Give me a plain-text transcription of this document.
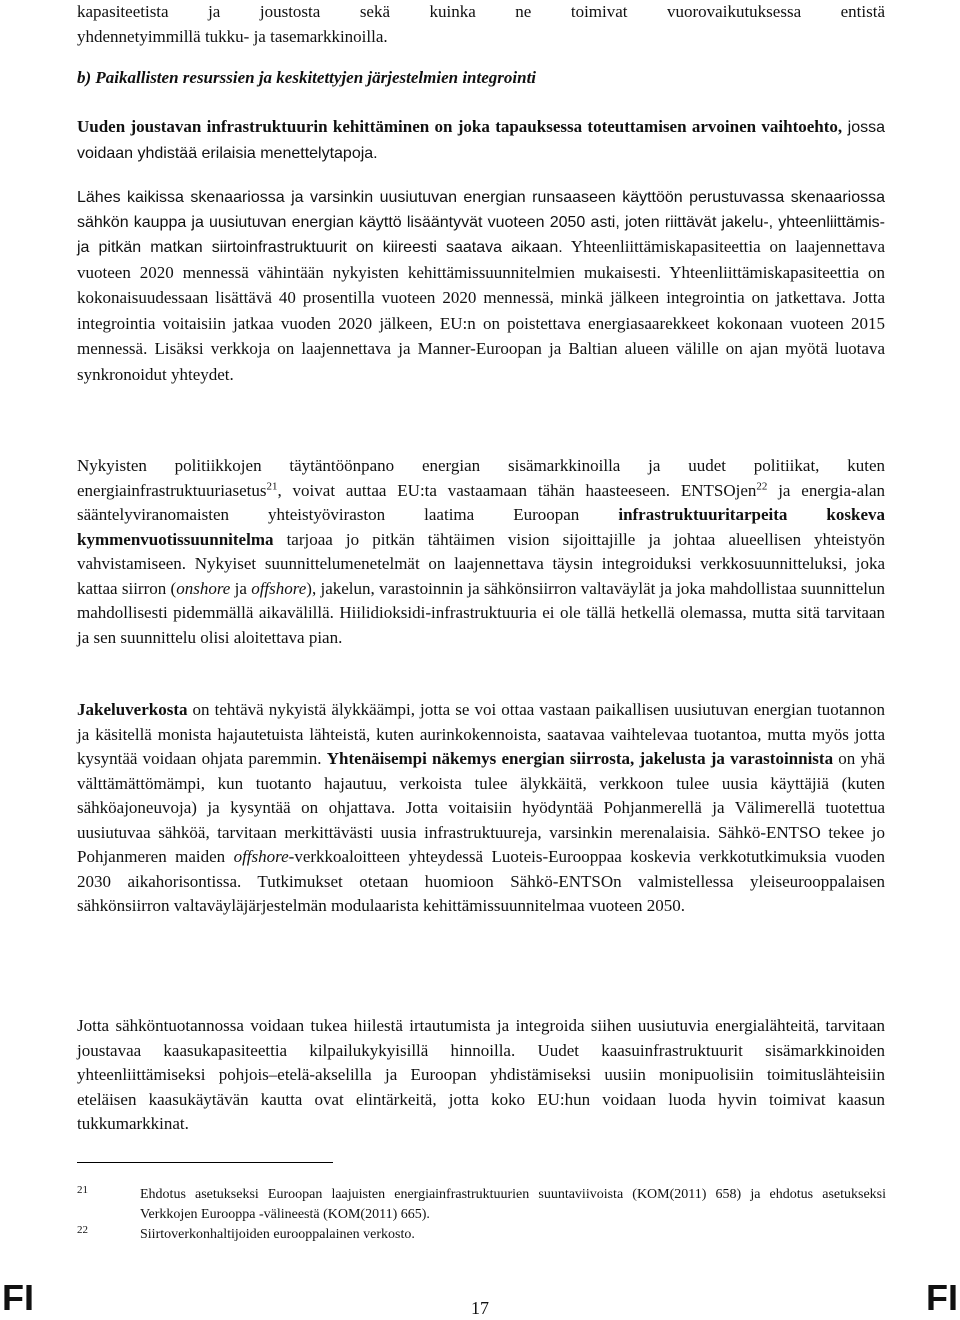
kapasiteetista ja joustosta sekä kuinka ne toimivat vuorovaikutuksessa entistä
yhdennetyimmillä tukku- ja tasemarkkinoilla.

b) Paikallisten resurssien ja keskitettyjen järjestelmien integrointi

Uuden joustavan infrastruktuurin kehittäminen on joka tapauksessa toteuttamisen arvoinen vaihtoehto, jossa voidaan yhdistää erilaisia menettelytapoja.

Lähes kaikissa skenaariossa ja varsinkin uusiutuvan energian runsaaseen käyttöön perustuvassa skenaariossa sähkön kauppa ja uusiutuvan energian käyttö lisääntyvät vuoteen 2050 asti, joten riittävät jakelu-, yhteenliittämis- ja pitkän matkan siirtoinfrastruktuurit on kiireesti saatava aikaan. Yhteenliittämiskapasiteettia on laajennettava vuoteen 2020 mennessä vähintään nykyisten kehittämissuunnitelmien mukaisesti. Yhteenliittämiskapasiteettia on kokonaisuudessaan lisättävä 40 prosentilla vuoteen 2020 mennessä, minkä jälkeen integrointia on jatkettava. Jotta integrointia voitaisiin jatkaa vuoden 2020 jälkeen, EU:n on poistettava energiasaarekkeet kokonaan vuoteen 2015 mennessä. Lisäksi verkkoja on laajennettava ja Manner-Euroopan ja Baltian alueen välille on ajan myötä luotava synkronoidut yhteydet.

Nykyisten politiikkojen täytäntöönpano energian sisämarkkinoilla ja uudet politiikat, kuten energiainfrastruktuuriasetus$^{21}$, voivat auttaa EU:ta vastaamaan tähän haasteeseen. ENTSOjen$^{22}$ ja energia-alan sääntelyviranomaisten yhteistyöviraston laatima Euroopan infrastruktuuritarpeita koskeva kymmenvuotissuunnitelma tarjoaa jo pitkän tähtäimen vision sijoittajille ja johtaa alueellisen yhteistyön vahvistamiseen. Nykyiset suunnittelumenetelmät on laajennettava täysin integroiduksi verkkosuunnitteluksi, joka kattaa siirron (onshore ja offshore), jakelun, varastoinnin ja sähkönsiirron valtaväylät ja joka mahdollistaa suunnittelun mahdollisesti pidemmällä aikavälillä. Hiilidioksidi-infrastruktuuria ei ole tällä hetkellä olemassa, mutta sitä tarvitaan ja sen suunnittelu olisi aloitettava pian.

Jakeluverkosta on tehtävä nykyistä älykkäämpi, jotta se voi ottaa vastaan paikallisen uusiutuvan energian tuotannon ja käsitellä monista hajautetuista lähteistä, kuten aurinkokennoista, saatavaa vaihtelevaa tuotantoa, mutta myös jotta kysyntää voidaan ohjata paremmin. Yhtenäisempi näkemys energian siirrosta, jakelusta ja varastoinnista on yhä välttämättömämpi, kun tuotanto hajautuu, verkoista tulee älykkäitä, verkkoon tulee uusia käyttäjiä (kuten sähköajoneuvoja) ja kysyntää on ohjattava. Jotta voitaisiin hyödyntää Pohjanmerellä ja Välimerellä tuotettua uusiutuvaa sähköä, tarvitaan merkittävästi uusia infrastruktuureja, varsinkin merenalaisia. Sähkö-ENTSO tekee jo Pohjanmeren maiden offshore-verkkoaloitteen yhteydessä Luoteis-Eurooppaa koskevia verkkotutkimuksia vuoden 2030 aikahorisontissa. Tutkimukset otetaan huomioon Sähkö-ENTSOn valmistellessa yleiseurooppalaisen sähkönsiirron valtaväyläjärjestelmän modulaarista kehittämissuunnitelmaa vuoteen 2050.

Jotta sähköntuotannossa voidaan tukea hiilestä irtautumista ja integroida siihen uusiutuvia energialähteitä, tarvitaan joustavaa kaasukapasiteettia kilpailukykyisillä hinnoilla. Uudet kaasuinfrastruktuurit sisämarkkinoiden yhteenliittämiseksi pohjois–etelä-akselilla ja Euroopan yhdistämiseksi uusiin monipuolisiin toimituslähteisiin eteläisen kaasukäytävän kautta ovat elintärkeitä, jotta koko EU:hun voidaan luoda hyvin toimivat kaasun tukkumarkkinat.

21	Ehdotus asetukseksi Euroopan laajuisten energiainfrastruktuurien suuntaviivoista (KOM(2011) 658) ja ehdotus asetukseksi Verkkojen Eurooppa -välineestä (KOM(2011) 665).
22	Siirtoverkonhaltijoiden eurooppalainen verkosto.
FI	17	FI
